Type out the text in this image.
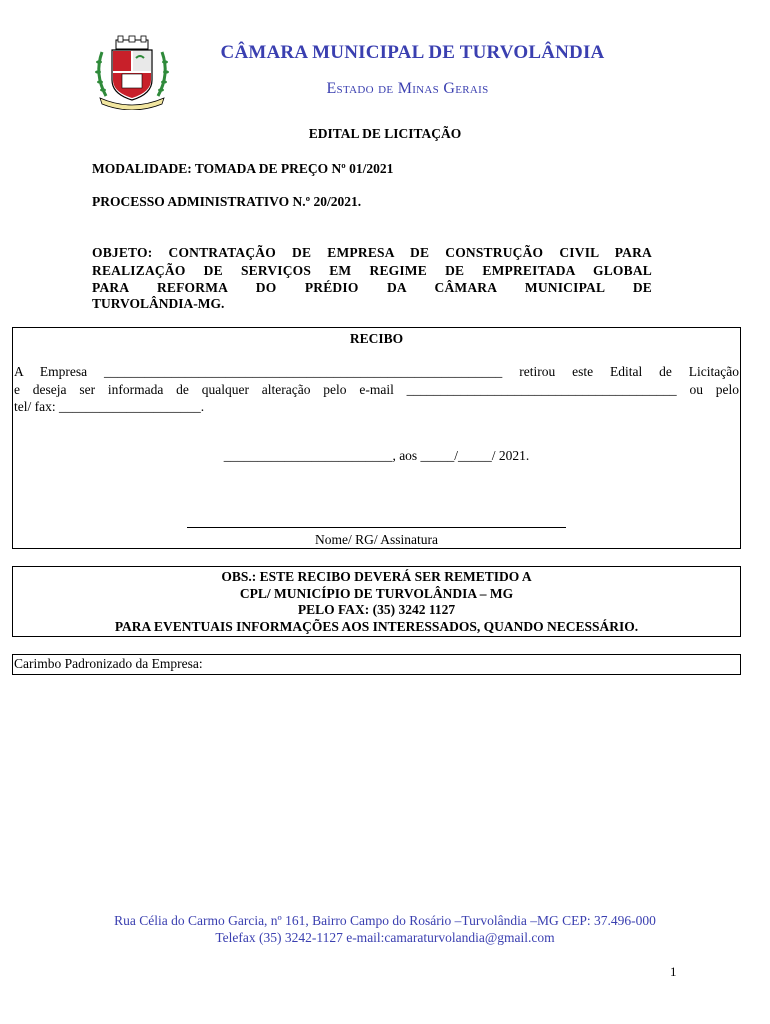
CÂMARA MUNICIPAL DE TURVOLÂNDIA
Estado de Minas Gerais
EDITAL DE LICITAÇÃO
MODALIDADE: TOMADA DE PREÇO Nº 01/2021
PROCESSO ADMINISTRATIVO N.º 20/2021.
OBJETO: CONTRATAÇÃO DE EMPRESA DE CONSTRUÇÃO CIVIL PARA
REALIZAÇÃO DE SERVIÇOS EM REGIME DE EMPREITADA GLOBAL
PARA REFORMA DO PRÉDIO DA CÂMARA MUNICIPAL DE
TURVOLÂNDIA-MG.
RECIBO
A Empresa ___________________________________________________________ retirou este Edital de Licitação
e deseja ser informada de qualquer alteração pelo e-mail ________________________________________ ou pelo
tel/ fax: _____________________.
_________________________, aos _____/_____/ 2021.
Nome/ RG/ Assinatura
OBS.: ESTE RECIBO DEVERÁ SER REMETIDO A
CPL/ MUNICÍPIO DE TURVOLÂNDIA – MG
PELO FAX: (35) 3242 1127
PARA EVENTUAIS INFORMAÇÕES AOS INTERESSADOS, QUANDO NECESSÁRIO.
Carimbo Padronizado da Empresa:
Rua Célia do Carmo Garcia, nº 161, Bairro Campo do Rosário –Turvolândia –MG CEP: 37.496-000
Telefax (35) 3242-1127 e-mail:camaraturvolandia@gmail.com
1
